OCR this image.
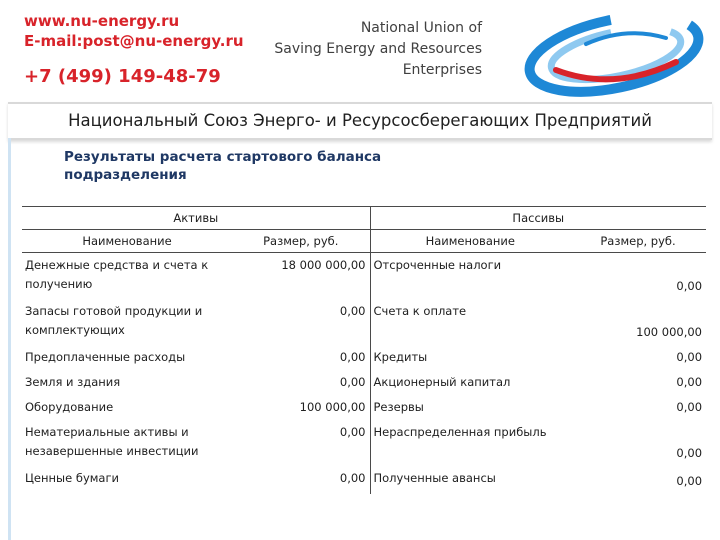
www.nu-energy.ru
E-mail:post@nu-energy.ru
+7 (499) 149-48-79
National Union of
Saving Energy and Resources
Enterprises
Национальный Союз Энерго- и Ресурсосберегающих Предприятий
Результаты расчета стартового баланса
подразделения
Активы		Пассивы	
Наименование	Размер, руб.	Наименование	Размер, руб.
Денежные средства и счета к получению	18 000 000,00	Отсроченные налоги	0,00
Запасы готовой продукции и комплектующих	0,00	Счета к оплате	100 000,00
Предоплаченные расходы	0,00	Кредиты	0,00
Земля и здания	0,00	Акционерный капитал	0,00
Оборудование	100 000,00	Резервы	0,00
Нематериальные активы и незавершенные инвестиции	0,00	Нераспределенная прибыль	0,00
Ценные бумаги	0,00	Полученные авансы	0,00
